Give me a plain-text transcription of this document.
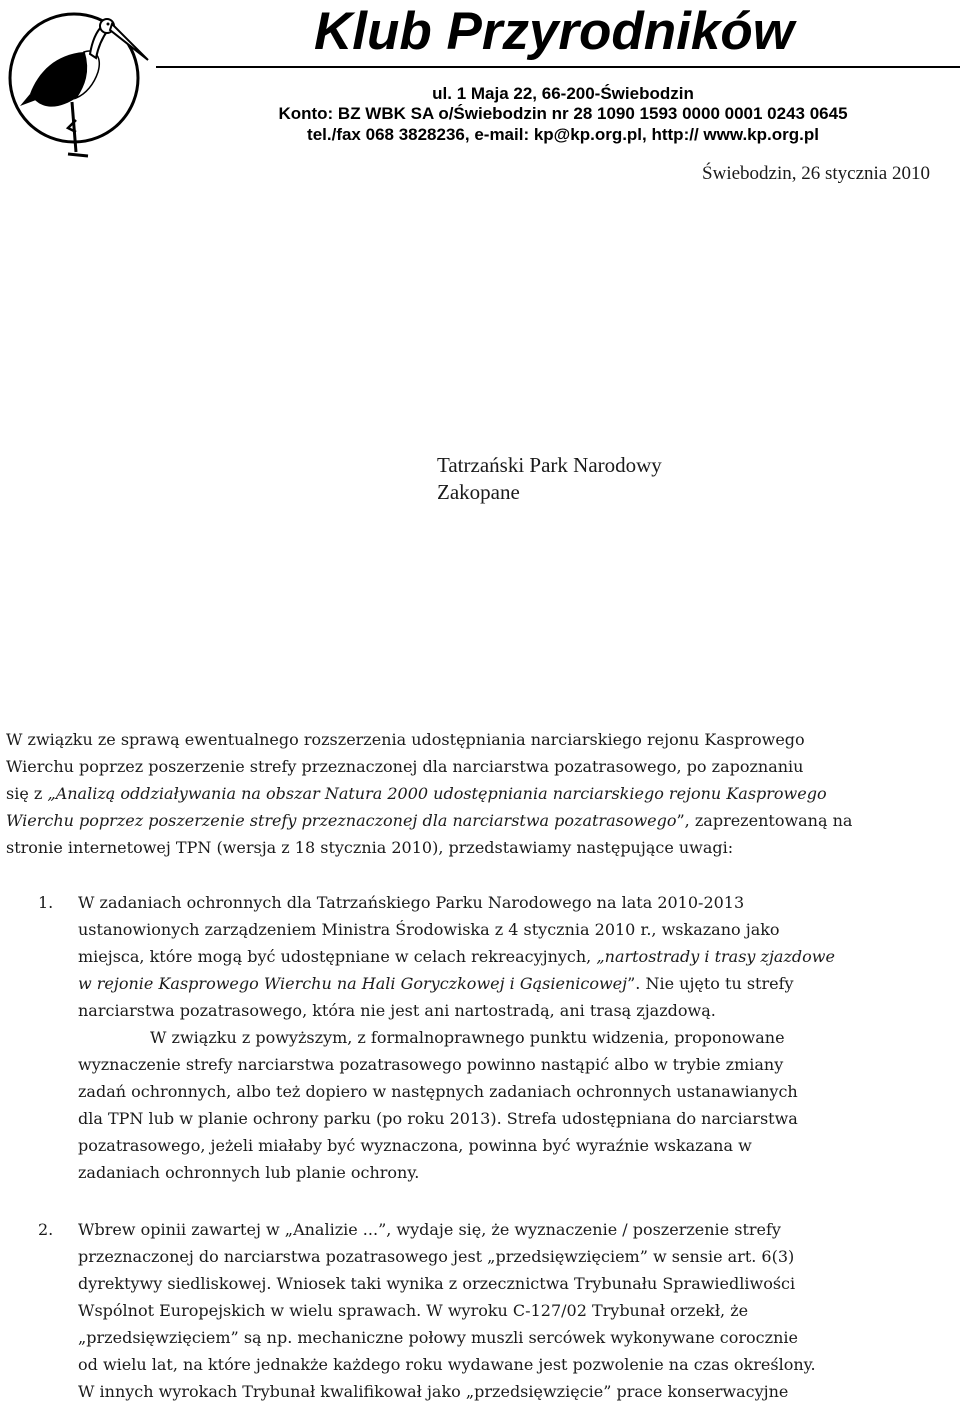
Klub Przyrodników
ul. 1 Maja 22, 66-200-Świebodzin
Konto: BZ WBK SA o/Świebodzin nr 28 1090 1593 0000 0001 0243 0645
tel./fax 068 3828236, e-mail: kp@kp.org.pl, http:// www.kp.org.pl
Świebodzin, 26 stycznia 2010
Tatrzański Park Narodowy
Zakopane
W związku ze sprawą ewentualnego rozszerzenia udostępniania narciarskiego rejonu Kasprowego
Wierchu poprzez poszerzenie strefy przeznaczonej dla narciarstwa pozatrasowego, po zapoznaniu
się z „Analizą oddziaływania na obszar Natura 2000 udostępniania narciarskiego rejonu Kasprowego
Wierchu poprzez poszerzenie strefy przeznaczonej dla narciarstwa pozatrasowego”, zaprezentowaną na
stronie internetowej TPN (wersja z 18 stycznia 2010), przedstawiamy następujące uwagi:
1. W zadaniach ochronnych dla Tatrzańskiego Parku Narodowego na lata 2010-2013
ustanowionych zarządzeniem Ministra Środowiska z 4 stycznia 2010 r., wskazano jako
miejsca, które mogą być udostępniane w celach rekreacyjnych, „nartostrady i trasy zjazdowe
w rejonie Kasprowego Wierchu na Hali Goryczkowej i Gąsienicowej”. Nie ujęto tu strefy
narciarstwa pozatrasowego, która nie jest ani nartostradą, ani trasą zjazdową.
W związku z powyższym, z formalnoprawnego punktu widzenia, proponowane
wyznaczenie strefy narciarstwa pozatrasowego powinno nastąpić albo w trybie zmiany
zadań ochronnych, albo też dopiero w następnych zadaniach ochronnych ustanawianych
dla TPN lub w planie ochrony parku (po roku 2013). Strefa udostępniana do narciarstwa
pozatrasowego, jeżeli miałaby być wyznaczona, powinna być wyraźnie wskazana w
zadaniach ochronnych lub planie ochrony.
2. Wbrew opinii zawartej w „Analizie ...”, wydaje się, że wyznaczenie / poszerzenie strefy
przeznaczonej do narciarstwa pozatrasowego jest „przedsięwzięciem” w sensie art. 6(3)
dyrektywy siedliskowej. Wniosek taki wynika z orzecznictwa Trybunału Sprawiedliwości
Wspólnot Europejskich w wielu sprawach. W wyroku C-127/02 Trybunał orzekł, że
„przedsięwzięciem” są np. mechaniczne połowy muszli sercówek wykonywane corocznie
od wielu lat, na które jednakże każdego roku wydawane jest pozwolenie na czas określony.
W innych wyrokach Trybunał kwalifikował jako „przedsięwzięcie” prace konserwacyjne
